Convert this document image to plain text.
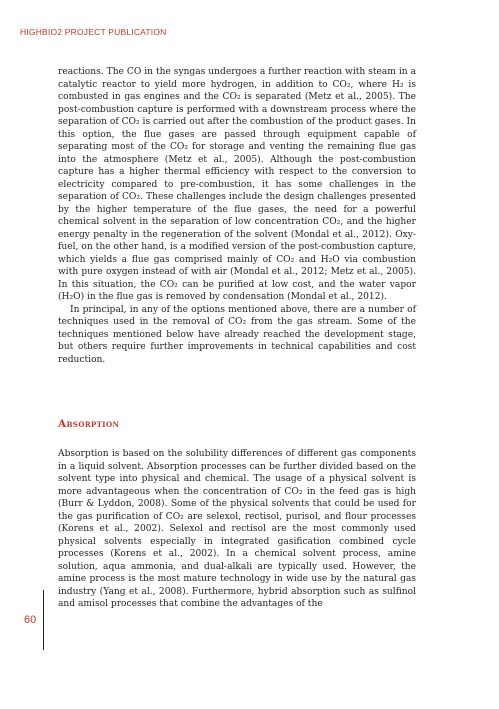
HIGHBIO2 PROJECT PUBLICATION

reactions. The CO in the syngas undergoes a further reaction with steam in a catalytic reactor to yield more hydrogen, in addition to CO₂, where H₂ is combusted in gas engines and the CO₂ is separated (Metz et al., 2005). The post-combustion capture is performed with a downstream process where the separation of CO₂ is carried out after the combustion of the product gases. In this option, the flue gases are passed through equipment capable of separating most of the CO₂ for storage and venting the remaining flue gas into the atmosphere (Metz et al., 2005). Although the post-combustion capture has a higher thermal efficiency with respect to the conversion to electricity compared to pre-combustion, it has some challenges in the separation of CO₂. These challenges include the design challenges presented by the higher temperature of the flue gases, the need for a powerful chemical solvent in the separation of low concentration CO₂, and the higher energy penalty in the regeneration of the solvent (Mondal et al., 2012). Oxy-fuel, on the other hand, is a modified version of the post-combustion capture, which yields a flue gas comprised mainly of CO₂ and H₂O via combustion with pure oxygen instead of with air (Mondal et al., 2012; Metz et al., 2005). In this situation, the CO₂ can be purified at low cost, and the water vapor (H₂O) in the flue gas is removed by condensation (Mondal et al., 2012).

In principal, in any of the options mentioned above, there are a number of techniques used in the removal of CO₂ from the gas stream. Some of the techniques mentioned below have already reached the development stage, but others require further improvements in technical capabilities and cost reduction.

Absorption

Absorption is based on the solubility differences of different gas components in a liquid solvent. Absorption processes can be further divided based on the solvent type into physical and chemical. The usage of a physical solvent is more advantageous when the concentration of CO₂ in the feed gas is high (Burr & Lyddon, 2008). Some of the physical solvents that could be used for the gas purification of CO₂ are selexol, rectisol, purisol, and flour processes (Korens et al., 2002). Selexol and rectisol are the most commonly used physical solvents especially in integrated gasification combined cycle processes (Korens et al., 2002). In a chemical solvent process, amine solution, aqua ammonia, and dual-alkali are typically used. However, the amine process is the most mature technology in wide use by the natural gas industry (Yang et al., 2008). Furthermore, hybrid absorption such as sulfinol and amisol processes that combine the advantages of the

60
